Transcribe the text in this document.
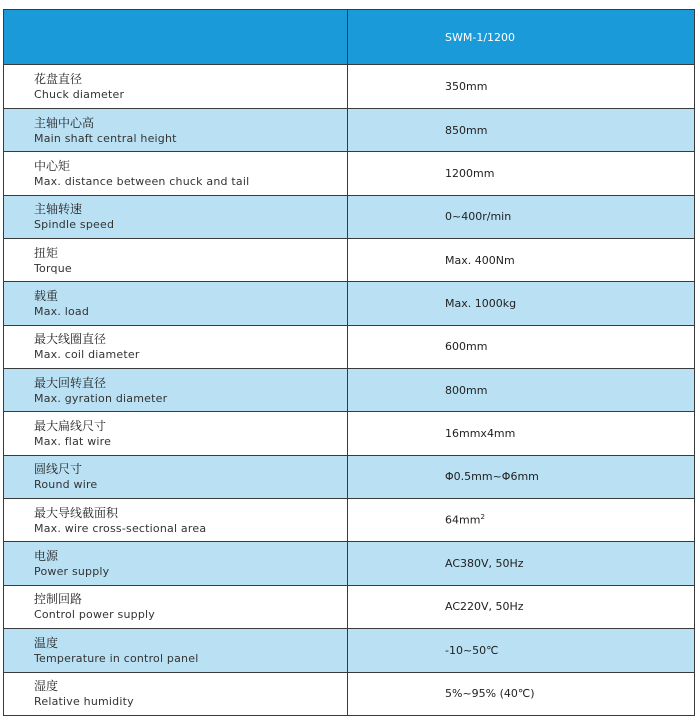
	SWM-1/1200

花盘直径
Chuck diameter	350mm

主轴中心高
Main shaft central height	850mm

中心矩
Max. distance between chuck and tail	1200mm

主轴转速
Spindle speed	0~400r/min

扭矩
Torque	Max. 400Nm

载重
Max. load	Max. 1000kg

最大线圈直径
Max. coil diameter	600mm

最大回转直径
Max. gyration diameter	800mm

最大扁线尺寸
Max. flat wire	16mmx4mm

圆线尺寸
Round wire	Φ0.5mm~Φ6mm

最大导线截面积
Max. wire cross-sectional area	$64mm^2$

电源
Power supply	AC380V, 50Hz

控制回路
Control power supply	AC220V, 50Hz

温度
Temperature in control panel	-10~50℃

湿度
Relative humidity	5%~95% (40℃)
